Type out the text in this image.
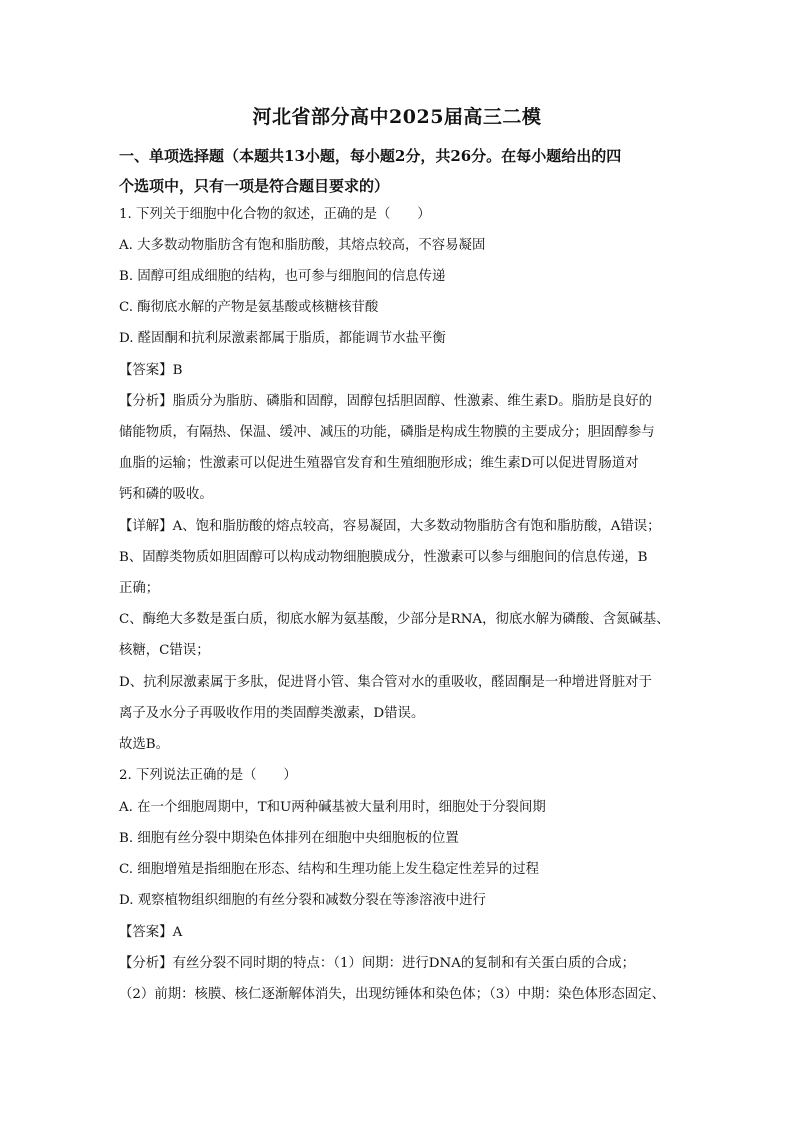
河北省部分高中2025届高三二模
一、单项选择题（本题共13小题，每小题2分，共26分。在每小题给出的四
个选项中，只有一项是符合题目要求的）
1. 下列关于细胞中化合物的叙述，正确的是（　　）
A. 大多数动物脂肪含有饱和脂肪酸，其熔点较高，不容易凝固
B. 固醇可组成细胞的结构，也可参与细胞间的信息传递
C. 酶彻底水解的产物是氨基酸或核糖核苷酸
D. 醛固酮和抗利尿激素都属于脂质，都能调节水盐平衡
【答案】B
【分析】脂质分为脂肪、磷脂和固醇，固醇包括胆固醇、性激素、维生素D。脂肪是良好的
储能物质，有隔热、保温、缓冲、减压的功能，磷脂是构成生物膜的主要成分；胆固醇参与
血脂的运输；性激素可以促进生殖器官发育和生殖细胞形成；维生素D可以促进胃肠道对
钙和磷的吸收。
【详解】A、饱和脂肪酸的熔点较高，容易凝固，大多数动物脂肪含有饱和脂肪酸，A错误；
B、固醇类物质如胆固醇可以构成动物细胞膜成分，性激素可以参与细胞间的信息传递，B
正确；
C、酶绝大多数是蛋白质，彻底水解为氨基酸，少部分是RNA，彻底水解为磷酸、含氮碱基、
核糖，C错误；
D、抗利尿激素属于多肽，促进肾小管、集合管对水的重吸收，醛固酮是一种增进肾脏对于
离子及水分子再吸收作用的类固醇类激素，D错误。
故选B。
2. 下列说法正确的是（　　）
A. 在一个细胞周期中，T和U两种碱基被大量利用时，细胞处于分裂间期
B. 细胞有丝分裂中期染色体排列在细胞中央细胞板的位置
C. 细胞增殖是指细胞在形态、结构和生理功能上发生稳定性差异的过程
D. 观察植物组织细胞的有丝分裂和减数分裂在等渗溶液中进行
【答案】A
【分析】有丝分裂不同时期的特点：（1）间期：进行DNA的复制和有关蛋白质的合成；
（2）前期：核膜、核仁逐渐解体消失，出现纺锤体和染色体；（3）中期：染色体形态固定、
